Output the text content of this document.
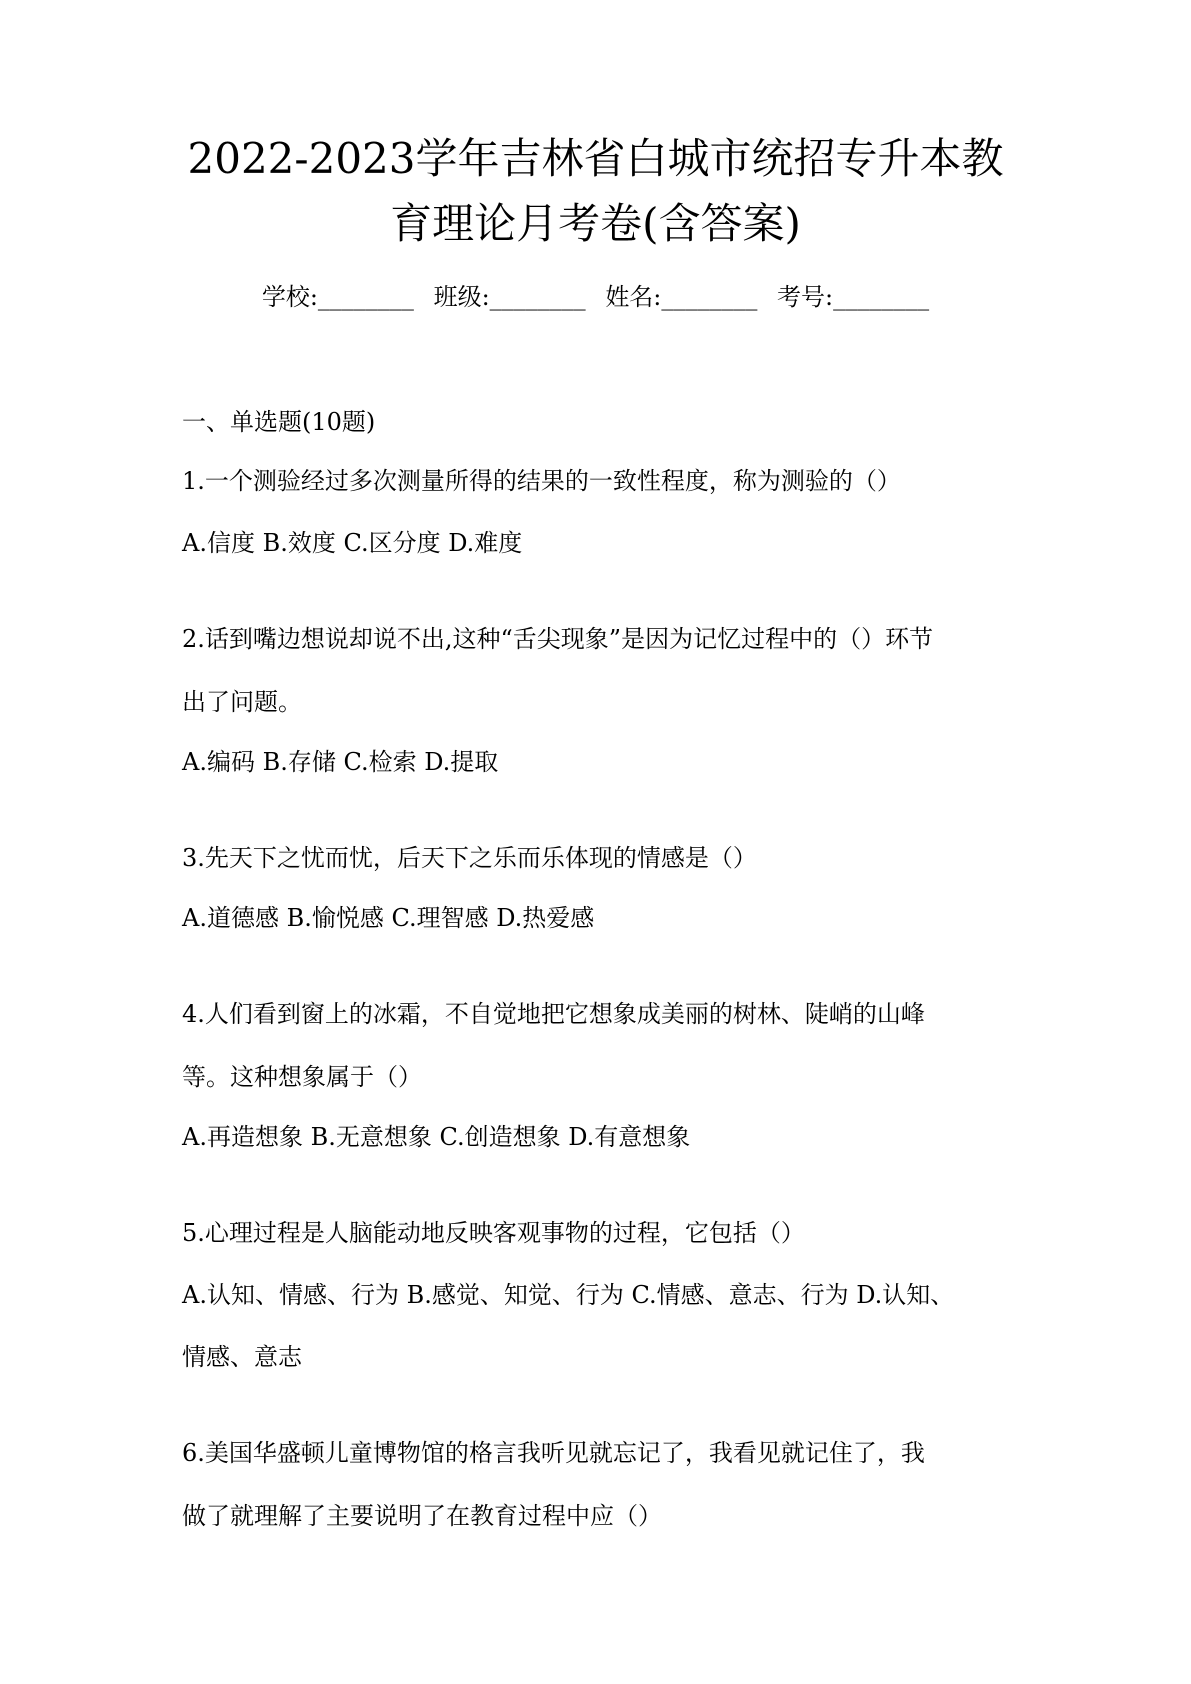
2022-2023学年吉林省白城市统招专升本教
育理论月考卷(含答案)
学校:________ 班级:________ 姓名:________ 考号:________
一、单选题(10题)
1.一个测验经过多次测量所得的结果的一致性程度，称为测验的（）
A.信度 B.效度 C.区分度 D.难度
2.话到嘴边想说却说不出,这种“舌尖现象”是因为记忆过程中的（）环节
出了问题。
A.编码 B.存储 C.检索 D.提取
3.先天下之忧而忧，后天下之乐而乐体现的情感是（）
A.道德感 B.愉悦感 C.理智感 D.热爱感
4.人们看到窗上的冰霜，不自觉地把它想象成美丽的树林、陡峭的山峰
等。这种想象属于（）
A.再造想象 B.无意想象 C.创造想象 D.有意想象
5.心理过程是人脑能动地反映客观事物的过程，它包括（）
A.认知、情感、行为 B.感觉、知觉、行为 C.情感、意志、行为 D.认知、
情感、意志
6.美国华盛顿儿童博物馆的格言我听见就忘记了，我看见就记住了，我
做了就理解了主要说明了在教育过程中应（）
